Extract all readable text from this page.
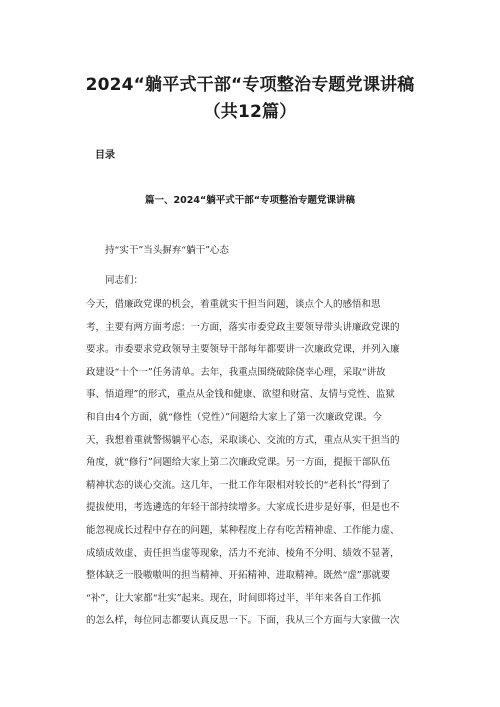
2024“躺平式干部“专项整治专题党课讲稿
（共12篇）

目录

篇一、2024“躺平式干部“专项整治专题党课讲稿

持“实干”当头摒弃“躺干”心态

同志们：

今天，借廉政党课的机会，着重就实干担当问题，谈点个人的感悟和思
考，主要有两方面考虑：一方面，落实市委党政主要领导带头讲廉政党课的
要求。市委要求党政领导主要领导干部每年都要讲一次廉政党课，并列入廉
政建设“十个一”任务清单。去年，我重点围绕破除侥幸心理，采取“讲故
事、悟道理”的形式，重点从金钱和健康、欲望和财富、友情与党性、监狱
和自由4个方面，就“修性（党性）”问题给大家上了第一次廉政党课。今
天，我想着重就警惕躺平心态，采取谈心、交流的方式，重点从实干担当的
角度，就“修行”问题给大家上第二次廉政党课。另一方面，提振干部队伍
精神状态的谈心交流。这几年，一批工作年限相对较长的“老科长”得到了
提拔使用，考选遴选的年轻干部持续增多。大家成长进步是好事，但是也不
能忽视成长过程中存在的问题，某种程度上存有吃苦精神虚、工作能力虚、
成绩成效虚、责任担当虚等现象，活力不充沛、棱角不分明、绩效不显著，
整体缺乏一股嗷嗷叫的担当精神、开拓精神、进取精神。既然“虚”那就要
“补”，让大家都“壮实”起来。现在，时间即将过半，半年来各自工作抓
的怎么样，每位同志都要认真反思一下。下面，我从三个方面与大家做一次
